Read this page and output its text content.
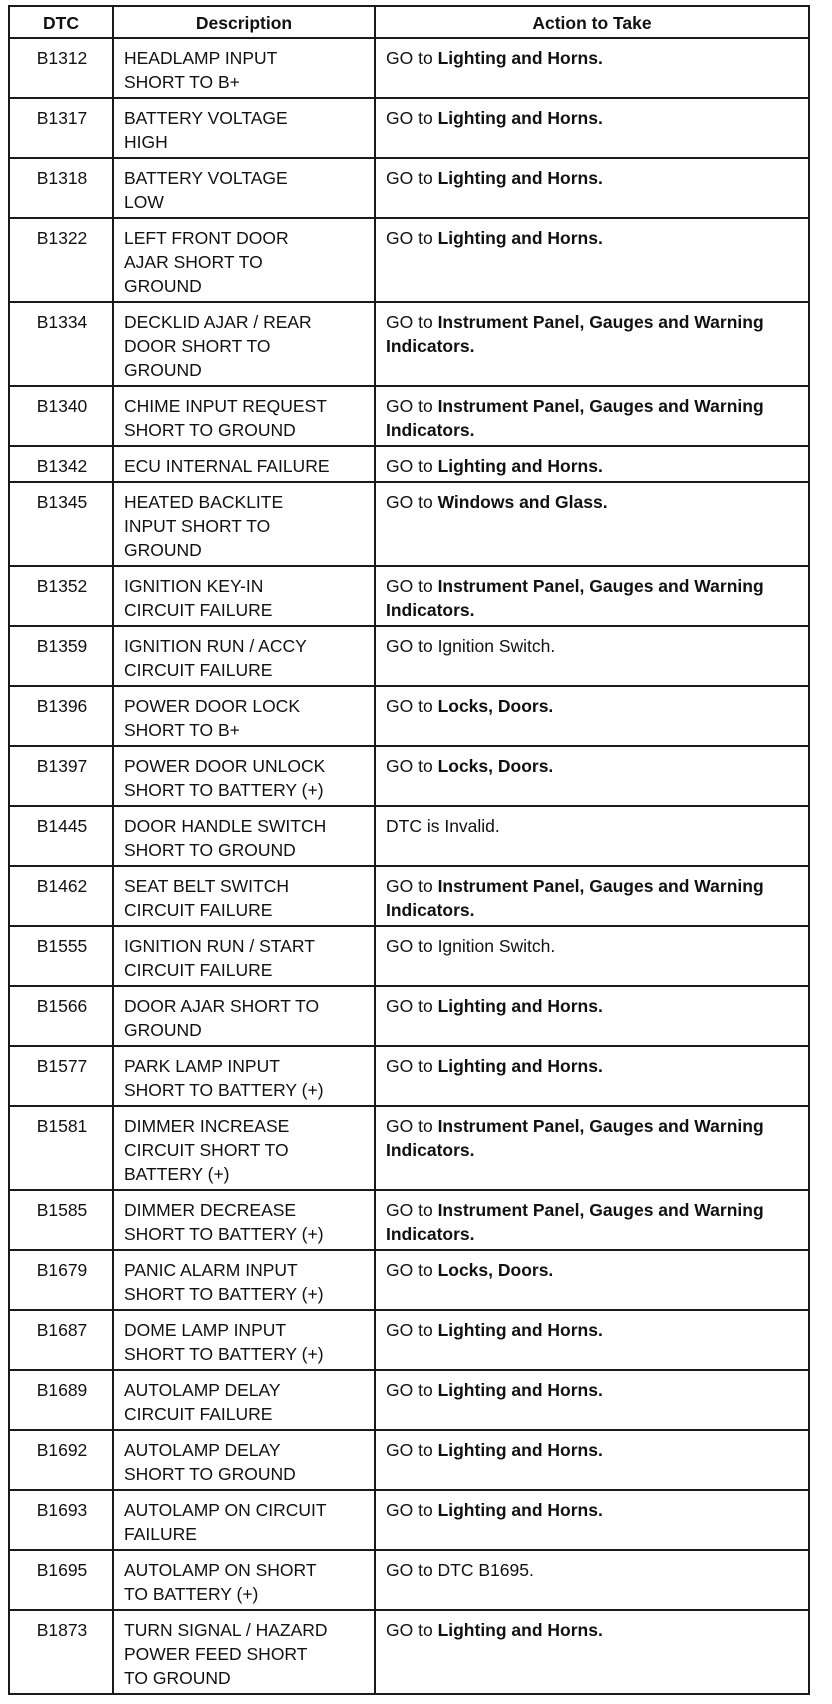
DTC	Description	Action to Take
B1312	HEADLAMP INPUT
SHORT TO B+	GO to Lighting and Horns.
B1317	BATTERY VOLTAGE
HIGH	GO to Lighting and Horns.
B1318	BATTERY VOLTAGE
LOW	GO to Lighting and Horns.
B1322	LEFT FRONT DOOR
AJAR SHORT TO
GROUND	GO to Lighting and Horns.
B1334	DECKLID AJAR / REAR
DOOR SHORT TO
GROUND	GO to Instrument Panel, Gauges and Warning Indicators.
B1340	CHIME INPUT REQUEST
SHORT TO GROUND	GO to Instrument Panel, Gauges and Warning Indicators.
B1342	ECU INTERNAL FAILURE	GO to Lighting and Horns.
B1345	HEATED BACKLITE
INPUT SHORT TO
GROUND	GO to Windows and Glass.
B1352	IGNITION KEY-IN
CIRCUIT FAILURE	GO to Instrument Panel, Gauges and Warning Indicators.
B1359	IGNITION RUN / ACCY
CIRCUIT FAILURE	GO to Ignition Switch.
B1396	POWER DOOR LOCK
SHORT TO B+	GO to Locks, Doors.
B1397	POWER DOOR UNLOCK
SHORT TO BATTERY (+)	GO to Locks, Doors.
B1445	DOOR HANDLE SWITCH
SHORT TO GROUND	DTC is Invalid.
B1462	SEAT BELT SWITCH
CIRCUIT FAILURE	GO to Instrument Panel, Gauges and Warning Indicators.
B1555	IGNITION RUN / START
CIRCUIT FAILURE	GO to Ignition Switch.
B1566	DOOR AJAR SHORT TO
GROUND	GO to Lighting and Horns.
B1577	PARK LAMP INPUT
SHORT TO BATTERY (+)	GO to Lighting and Horns.
B1581	DIMMER INCREASE
CIRCUIT SHORT TO
BATTERY (+)	GO to Instrument Panel, Gauges and Warning Indicators.
B1585	DIMMER DECREASE
SHORT TO BATTERY (+)	GO to Instrument Panel, Gauges and Warning Indicators.
B1679	PANIC ALARM INPUT
SHORT TO BATTERY (+)	GO to Locks, Doors.
B1687	DOME LAMP INPUT
SHORT TO BATTERY (+)	GO to Lighting and Horns.
B1689	AUTOLAMP DELAY
CIRCUIT FAILURE	GO to Lighting and Horns.
B1692	AUTOLAMP DELAY
SHORT TO GROUND	GO to Lighting and Horns.
B1693	AUTOLAMP ON CIRCUIT
FAILURE	GO to Lighting and Horns.
B1695	AUTOLAMP ON SHORT
TO BATTERY (+)	GO to DTC B1695.
B1873	TURN SIGNAL / HAZARD
POWER FEED SHORT
TO GROUND	GO to Lighting and Horns.
